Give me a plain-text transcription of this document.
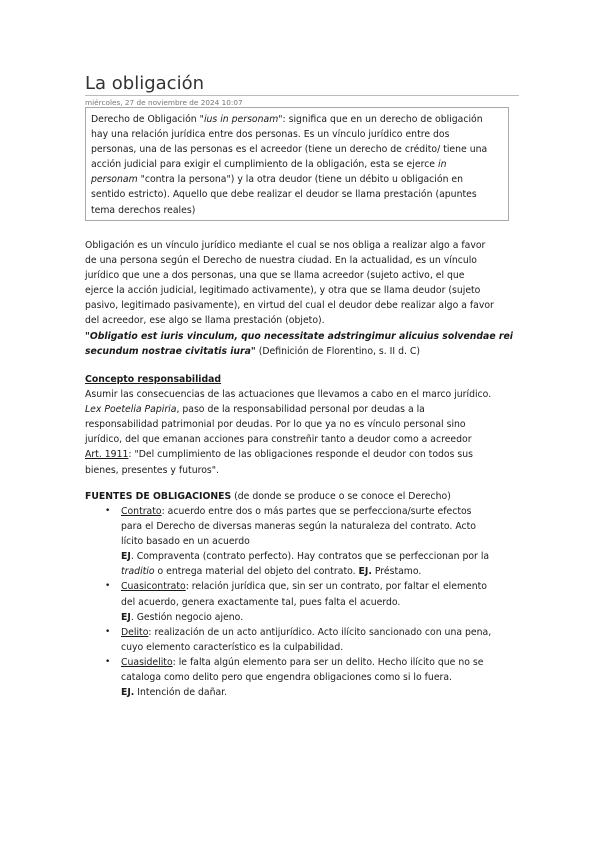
La obligación
miércoles, 27 de noviembre de 2024 10:07
Derecho de Obligación "ius in personam": significa que en un derecho de obligación
hay una relación jurídica entre dos personas. Es un vínculo jurídico entre dos
personas, una de las personas es el acreedor (tiene un derecho de crédito/ tiene una
acción judicial para exigir el cumplimiento de la obligación, esta se ejerce in
personam "contra la persona") y la otra deudor (tiene un débito u obligación en
sentido estricto). Aquello que debe realizar el deudor se llama prestación (apuntes
tema derechos reales)
Obligación es un vínculo jurídico mediante el cual se nos obliga a realizar algo a favor
de una persona según el Derecho de nuestra ciudad. En la actualidad, es un vínculo
jurídico que une a dos personas, una que se llama acreedor (sujeto activo, el que
ejerce la acción judicial, legitimado activamente), y otra que se llama deudor (sujeto
pasivo, legitimado pasivamente), en virtud del cual el deudor debe realizar algo a favor
del acreedor, ese algo se llama prestación (objeto).
"Obligatio est iuris vinculum, quo necessitate adstringimur alicuius solvendae rei
secundum nostrae civitatis iura" (Definición de Florentino, s. II d. C)
Concepto responsabilidad
Asumir las consecuencias de las actuaciones que llevamos a cabo en el marco jurídico.
Lex Poetelia Papiria, paso de la responsabilidad personal por deudas a la
responsabilidad patrimonial por deudas. Por lo que ya no es vínculo personal sino
jurídico, del que emanan acciones para constreñir tanto a deudor como a acreedor
Art. 1911: "Del cumplimiento de las obligaciones responde el deudor con todos sus
bienes, presentes y futuros".
FUENTES DE OBLIGACIONES (de donde se produce o se conoce el Derecho)
• Contrato: acuerdo entre dos o más partes que se perfecciona/surte efectos
para el Derecho de diversas maneras según la naturaleza del contrato. Acto
lícito basado en un acuerdo
EJ. Compraventa (contrato perfecto). Hay contratos que se perfeccionan por la
traditio o entrega material del objeto del contrato. EJ. Préstamo.
• Cuasicontrato: relación jurídica que, sin ser un contrato, por faltar el elemento
del acuerdo, genera exactamente tal, pues falta el acuerdo.
EJ. Gestión negocio ajeno.
• Delito: realización de un acto antijurídico. Acto ilícito sancionado con una pena,
cuyo elemento característico es la culpabilidad.
• Cuasidelito: le falta algún elemento para ser un delito. Hecho ilícito que no se
cataloga como delito pero que engendra obligaciones como si lo fuera.
EJ. Intención de dañar.
